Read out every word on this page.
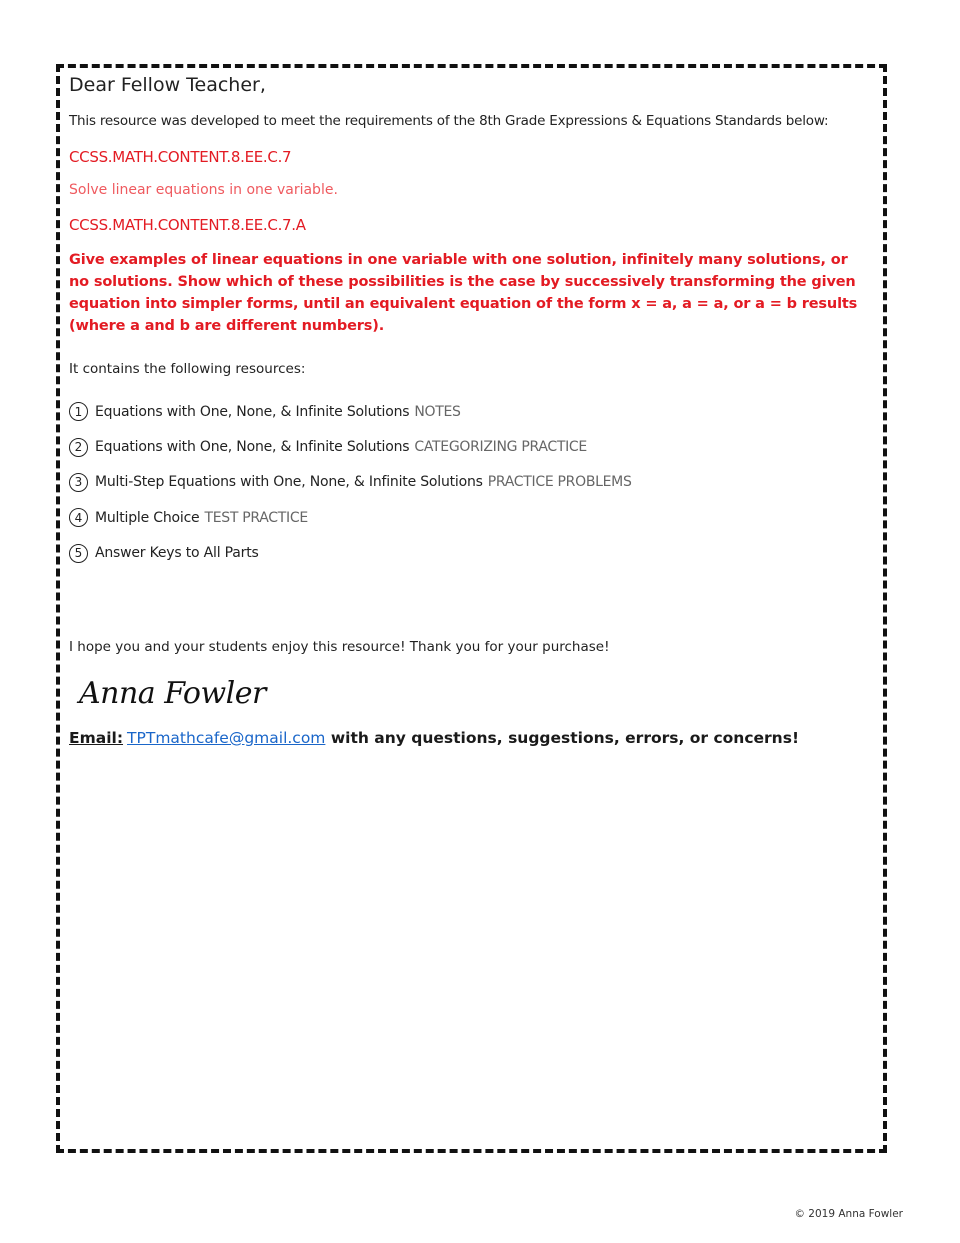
Dear Fellow Teacher,
This resource was developed to meet the requirements of the 8th Grade Expressions & Equations Standards below:
CCSS.MATH.CONTENT.8.EE.C.7
Solve linear equations in one variable.
CCSS.MATH.CONTENT.8.EE.C.7.A
Give examples of linear equations in one variable with one solution, infinitely many solutions, or no solutions. Show which of these possibilities is the case by successively transforming the given equation into simpler forms, until an equivalent equation of the form x = a, a = a, or a = b results (where a and b are different numbers).
It contains the following resources:
1 Equations with One, None, & Infinite Solutions NOTES
2 Equations with One, None, & Infinite Solutions CATEGORIZING PRACTICE
3 Multi-Step Equations with One, None, & Infinite Solutions PRACTICE PROBLEMS
4 Multiple Choice TEST PRACTICE
5 Answer Keys to All Parts
I hope you and your students enjoy this resource! Thank you for your purchase!
Anna Fowler
Email: TPTmathcafe@gmail.com with any questions, suggestions, errors, or concerns!
© 2019 Anna Fowler
